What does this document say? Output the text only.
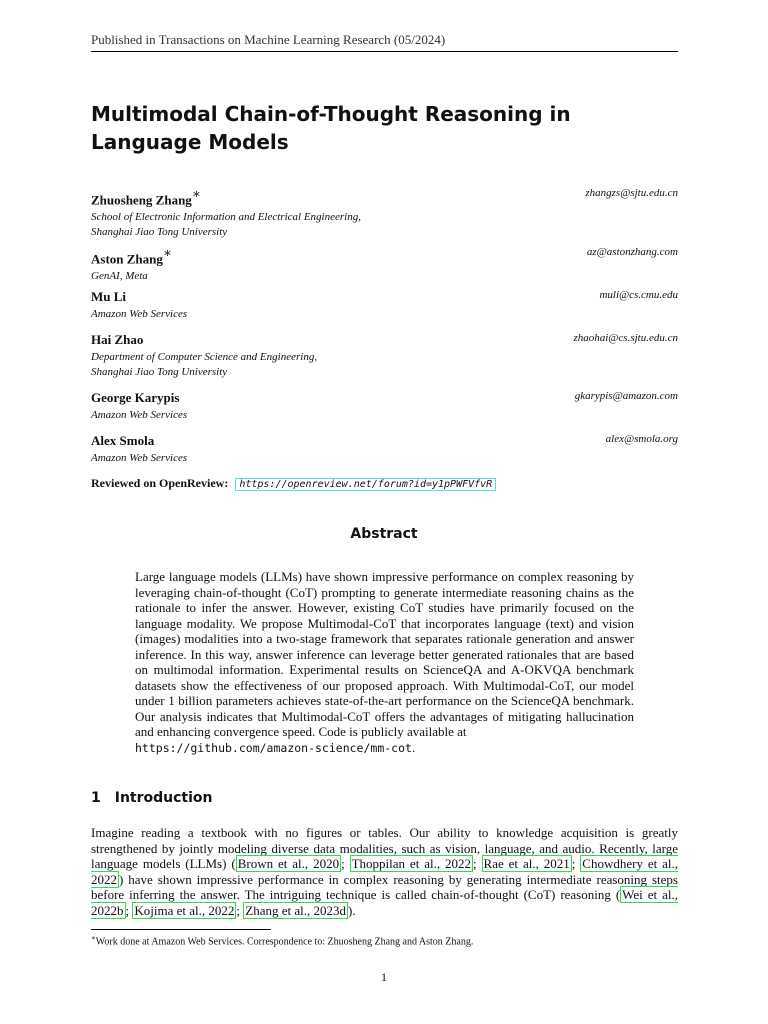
Published in Transactions on Machine Learning Research (05/2024)
Multimodal Chain-of-Thought Reasoning in Language Models
Zhuosheng Zhang∗	zhangzs@sjtu.edu.cn
School of Electronic Information and Electrical Engineering,
Shanghai Jiao Tong University
Aston Zhang∗	az@astonzhang.com
GenAI, Meta
Mu Li	muli@cs.cmu.edu
Amazon Web Services
Hai Zhao	zhaohai@cs.sjtu.edu.cn
Department of Computer Science and Engineering,
Shanghai Jiao Tong University
George Karypis	gkarypis@amazon.com
Amazon Web Services
Alex Smola	alex@smola.org
Amazon Web Services
Reviewed on OpenReview: https://openreview.net/forum?id=y1pPWFVfvR
Abstract
Large language models (LLMs) have shown impressive performance on complex reasoning by leveraging chain-of-thought (CoT) prompting to generate intermediate reasoning chains as the rationale to infer the answer. However, existing CoT studies have primarily focused on the language modality. We propose Multimodal-CoT that incorporates language (text) and vision (images) modalities into a two-stage framework that separates rationale generation and answer inference. In this way, answer inference can leverage better generated rationales that are based on multimodal information. Experimental results on ScienceQA and A-OKVQA benchmark datasets show the effectiveness of our proposed approach. With Multimodal-CoT, our model under 1 billion parameters achieves state-of-the-art performance on the ScienceQA benchmark. Our analysis indicates that Multimodal-CoT offers the advantages of mitigating hallucination and enhancing convergence speed. Code is publicly available at
https://github.com/amazon-science/mm-cot.
1 Introduction
Imagine reading a textbook with no figures or tables. Our ability to knowledge acquisition is greatly strengthened by jointly modeling diverse data modalities, such as vision, language, and audio. Recently, large language models (LLMs) ( Brown et al., 2020 ; Thoppilan et al., 2022 ; Rae et al., 2021 ; Chowdhery et al., 2022 ) have shown impressive performance in complex reasoning by generating intermediate reasoning steps before inferring the answer. The intriguing technique is called chain-of-thought (CoT) reasoning ( Wei et al., 2022b ; Kojima et al., 2022 ; Zhang et al., 2023d ).
∗Work done at Amazon Web Services. Correspondence to: Zhuosheng Zhang and Aston Zhang.
1
